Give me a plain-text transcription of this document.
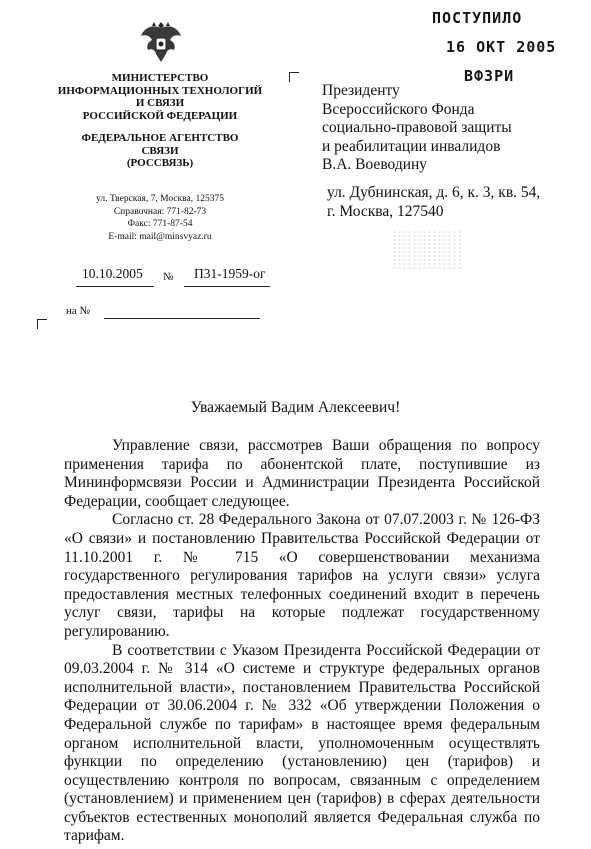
МИНИСТЕРСТВО
ИНФОРМАЦИОННЫХ ТЕХНОЛОГИЙ
И СВЯЗИ
РОССИЙСКОЙ ФЕДЕРАЦИИ
ФЕДЕРАЛЬНОЕ АГЕНТСТВО
СВЯЗИ
(РОССВЯЗЬ)
ул. Тверская, 7, Москва, 125375
Справочная: 771-82-73
Факс: 771-87-54
E-mail: mail@minsvyaz.ru
10.10.2005 № П31-1959-ог
на №
ПОСТУПИЛО
16 ОКТ 2005
ВФЗРИ
Президенту
Всероссийского Фонда
социально-правовой защиты
и реабилитации инвалидов
В.А. Воеводину
ул. Дубнинская, д. 6, к. 3, кв. 54,
г. Москва, 127540
Уважаемый Вадим Алексеевич!

Управление связи, рассмотрев Ваши обращения по вопросу применения тарифа по абонентской плате, поступившие из Мининформсвязи России и Администрации Президента Российской Федерации, сообщает следующее.

Согласно ст. 28 Федерального Закона от 07.07.2003 г. № 126-ФЗ «О связи» и постановлению Правительства Российской Федерации от 11.10.2001 г. № 715 «О совершенствовании механизма государственного регулирования тарифов на услуги связи» услуга предоставления местных телефонных соединений входит в перечень услуг связи, тарифы на которые подлежат государственному регулированию.

В соответствии с Указом Президента Российской Федерации от 09.03.2004 г. № 314 «О системе и структуре федеральных органов исполнительной власти», постановлением Правительства Российской Федерации от 30.06.2004 г. № 332 «Об утверждении Положения о Федеральной службе по тарифам» в настоящее время федеральным органом исполнительной власти, уполномоченным осуществлять функции по определению (установлению) цен (тарифов) и осуществлению контроля по вопросам, связанным с определением (установлением) и применением цен (тарифов) в сферах деятельности субъектов естественных монополий является Федеральная служба по тарифам.
